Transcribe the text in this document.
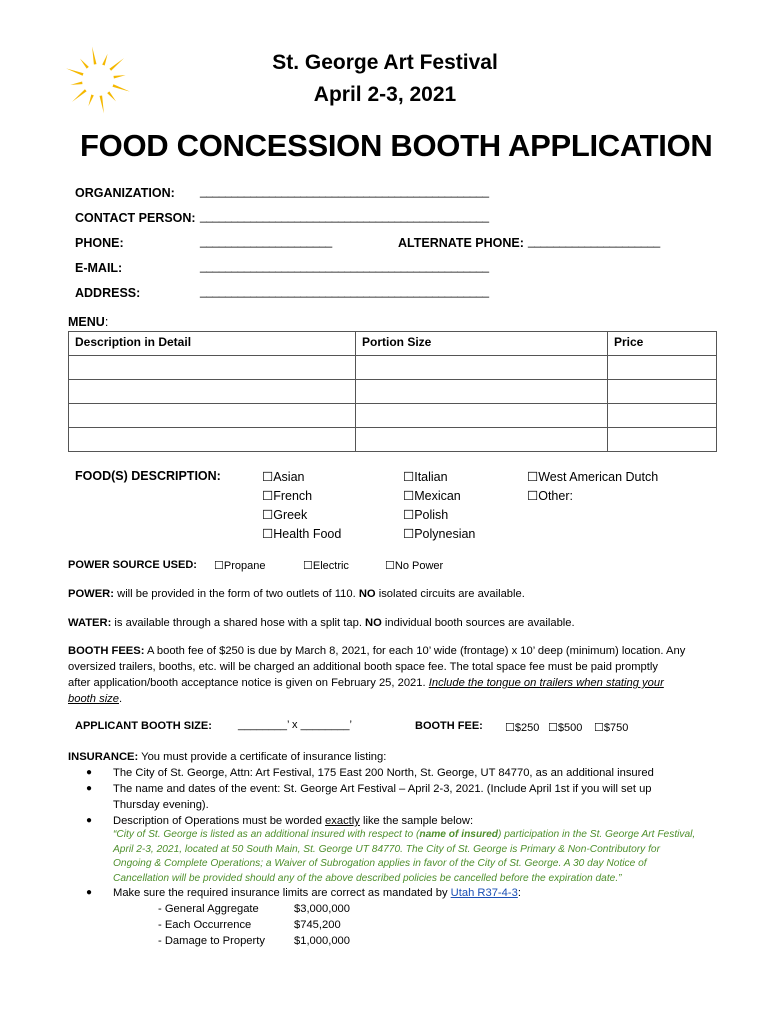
St. George Art Festival
April 2-3, 2021
FOOD CONCESSION BOOTH APPLICATION
ORGANIZATION: ______________________________________________
CONTACT PERSON: ______________________________________________
PHONE:	_____________________	ALTERNATE PHONE: _____________________
E-MAIL:	______________________________________________
ADDRESS:	______________________________________________
MENU:
Description in Detail	Portion Size	Price

FOOD(S) DESCRIPTION:	☐Asian
☐French
☐Greek
☐Health Food
☐Italian
☐Mexican
☐Polish
☐Polynesian
☐West American Dutch
☐Other:
POWER SOURCE USED: ☐Propane	☐Electric	☐No Power
POWER: will be provided in the form of two outlets of 110. NO isolated circuits are available.
WATER: is available through a shared hose with a split tap. NO individual booth sources are available.
BOOTH FEES: A booth fee of $250 is due by March 8, 2021, for each 10’ wide (frontage) x 10’ deep (minimum) location. Any
oversized trailers, booths, etc. will be charged an additional booth space fee. The total space fee must be paid promptly
after application/booth acceptance notice is given on February 25, 2021. Include the tongue on trailers when stating your
booth size.
APPLICANT BOOTH SIZE: ________’ x ________’	BOOTH FEE: ☐$250 ☐$500 ☐$750
INSURANCE: You must provide a certificate of insurance listing:
● The City of St. George, Attn: Art Festival, 175 East 200 North, St. George, UT 84770, as an additional insured
● The name and dates of the event: St. George Art Festival – April 2-3, 2021. (Include April 1st if you will set up
Thursday evening).
● Description of Operations must be worded exactly like the sample below:
“City of St. George is listed as an additional insured with respect to (name of insured) participation in the St. George Art Festival,
April 2-3, 2021, located at 50 South Main, St. George UT 84770. The City of St. George is Primary & Non-Contributory for
Ongoing & Complete Operations; a Waiver of Subrogation applies in favor of the City of St. George. A 30 day Notice of
Cancellation will be provided should any of the above described policies be cancelled before the expiration date.”
● Make sure the required insurance limits are correct as mandated by Utah R37-4-3:
- General Aggregate	$3,000,000
- Each Occurrence	$745,200
- Damage to Property	$1,000,000
